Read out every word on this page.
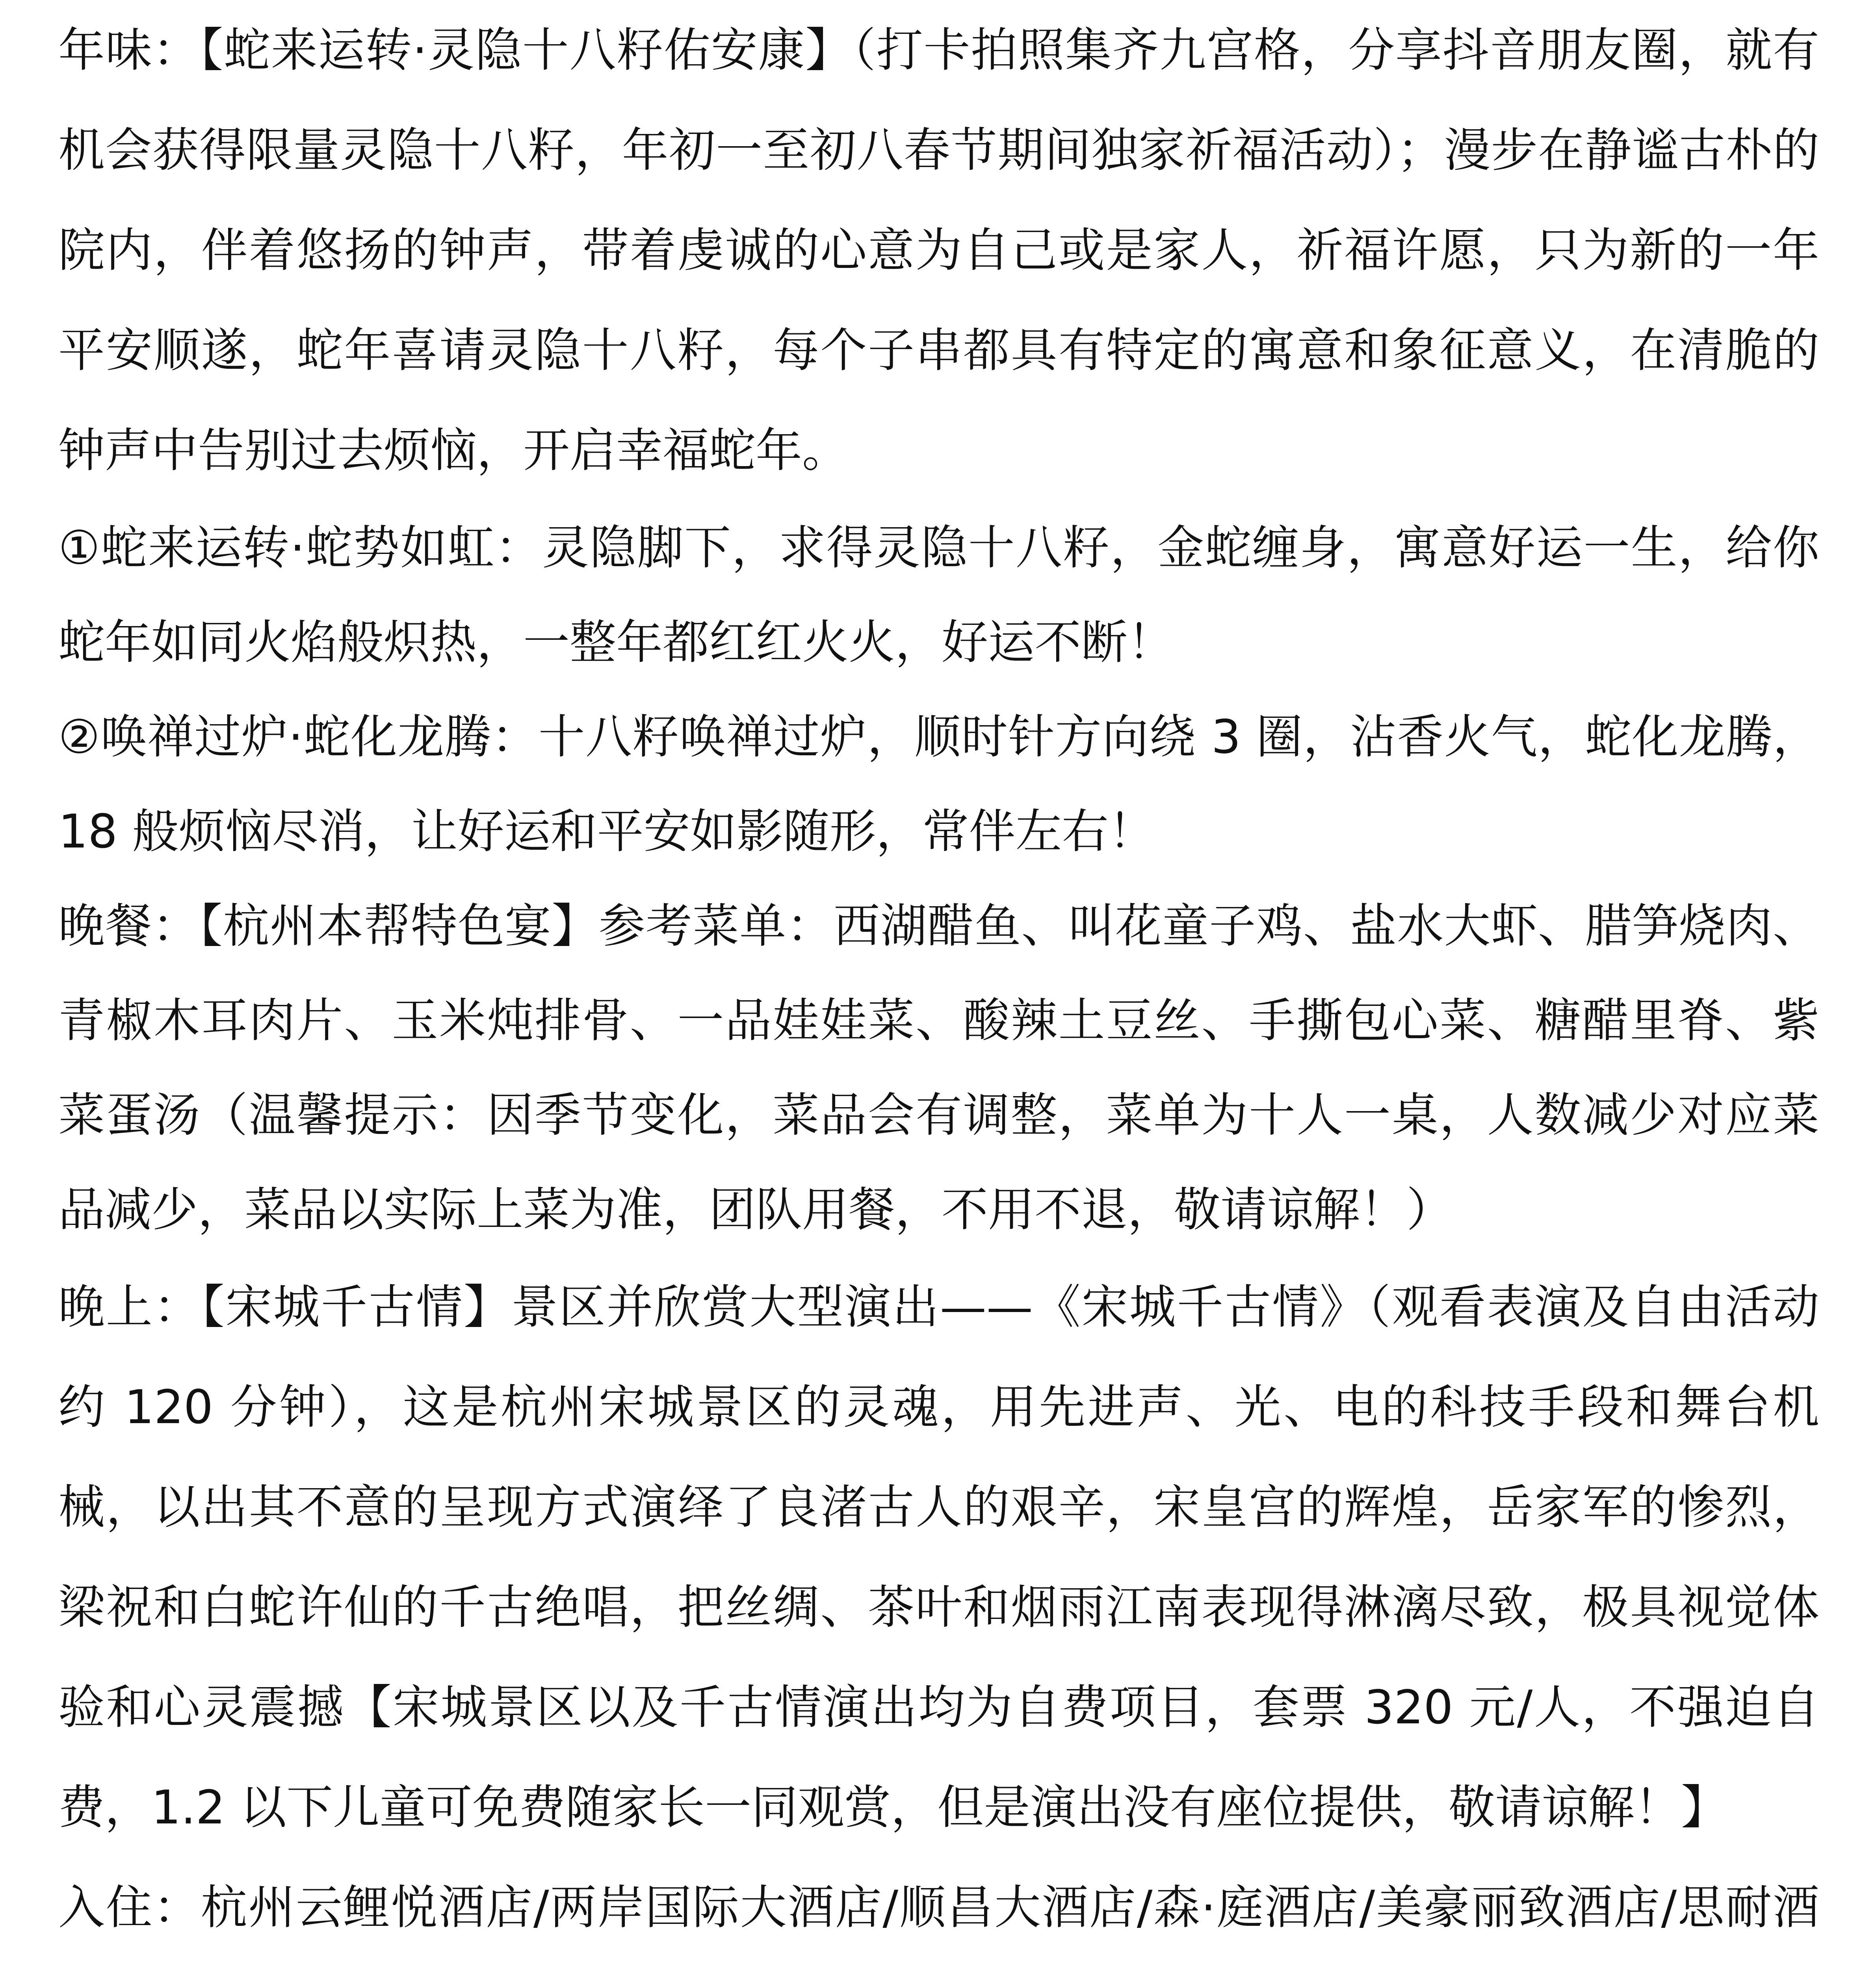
年味：【蛇来运转·灵隐十八籽佑安康】（打卡拍照集齐九宫格，分享抖音朋友圈，就有机会获得限量灵隐十八籽，年初一至初八春节期间独家祈福活动）；漫步在静谧古朴的院内，伴着悠扬的钟声，带着虔诚的心意为自己或是家人，祈福许愿，只为新的一年平安顺遂，蛇年喜请灵隐十八籽，每个子串都具有特定的寓意和象征意义，在清脆的钟声中告别过去烦恼，开启幸福蛇年。

①蛇来运转·蛇势如虹：灵隐脚下，求得灵隐十八籽，金蛇缠身，寓意好运一生，给你蛇年如同火焰般炽热，一整年都红红火火，好运不断！

②唤禅过炉·蛇化龙腾：十八籽唤禅过炉，顺时针方向绕 3 圈，沾香火气，蛇化龙腾，18 般烦恼尽消，让好运和平安如影随形，常伴左右！

晚餐：【杭州本帮特色宴】参考菜单：西湖醋鱼、叫花童子鸡、盐水大虾、腊笋烧肉、青椒木耳肉片、玉米炖排骨、一品娃娃菜、酸辣土豆丝、手撕包心菜、糖醋里脊、紫菜蛋汤（温馨提示：因季节变化，菜品会有调整，菜单为十人一桌，人数减少对应菜品减少，菜品以实际上菜为准，团队用餐，不用不退，敬请谅解！）

晚上：【宋城千古情】景区并欣赏大型演出——《宋城千古情》（观看表演及自由活动约 120 分钟），这是杭州宋城景区的灵魂，用先进声、光、电的科技手段和舞台机械，以出其不意的呈现方式演绎了良渚古人的艰辛，宋皇宫的辉煌，岳家军的惨烈，梁祝和白蛇许仙的千古绝唱，把丝绸、茶叶和烟雨江南表现得淋漓尽致，极具视觉体验和心灵震撼【宋城景区以及千古情演出均为自费项目，套票 320 元/人，不强迫自费，1.2 以下儿童可免费随家长一同观赏，但是演出没有座位提供，敬请谅解！】

入住：杭州云鲤悦酒店/两岸国际大酒店/顺昌大酒店/森·庭酒店/美豪丽致酒店/思耐酒
